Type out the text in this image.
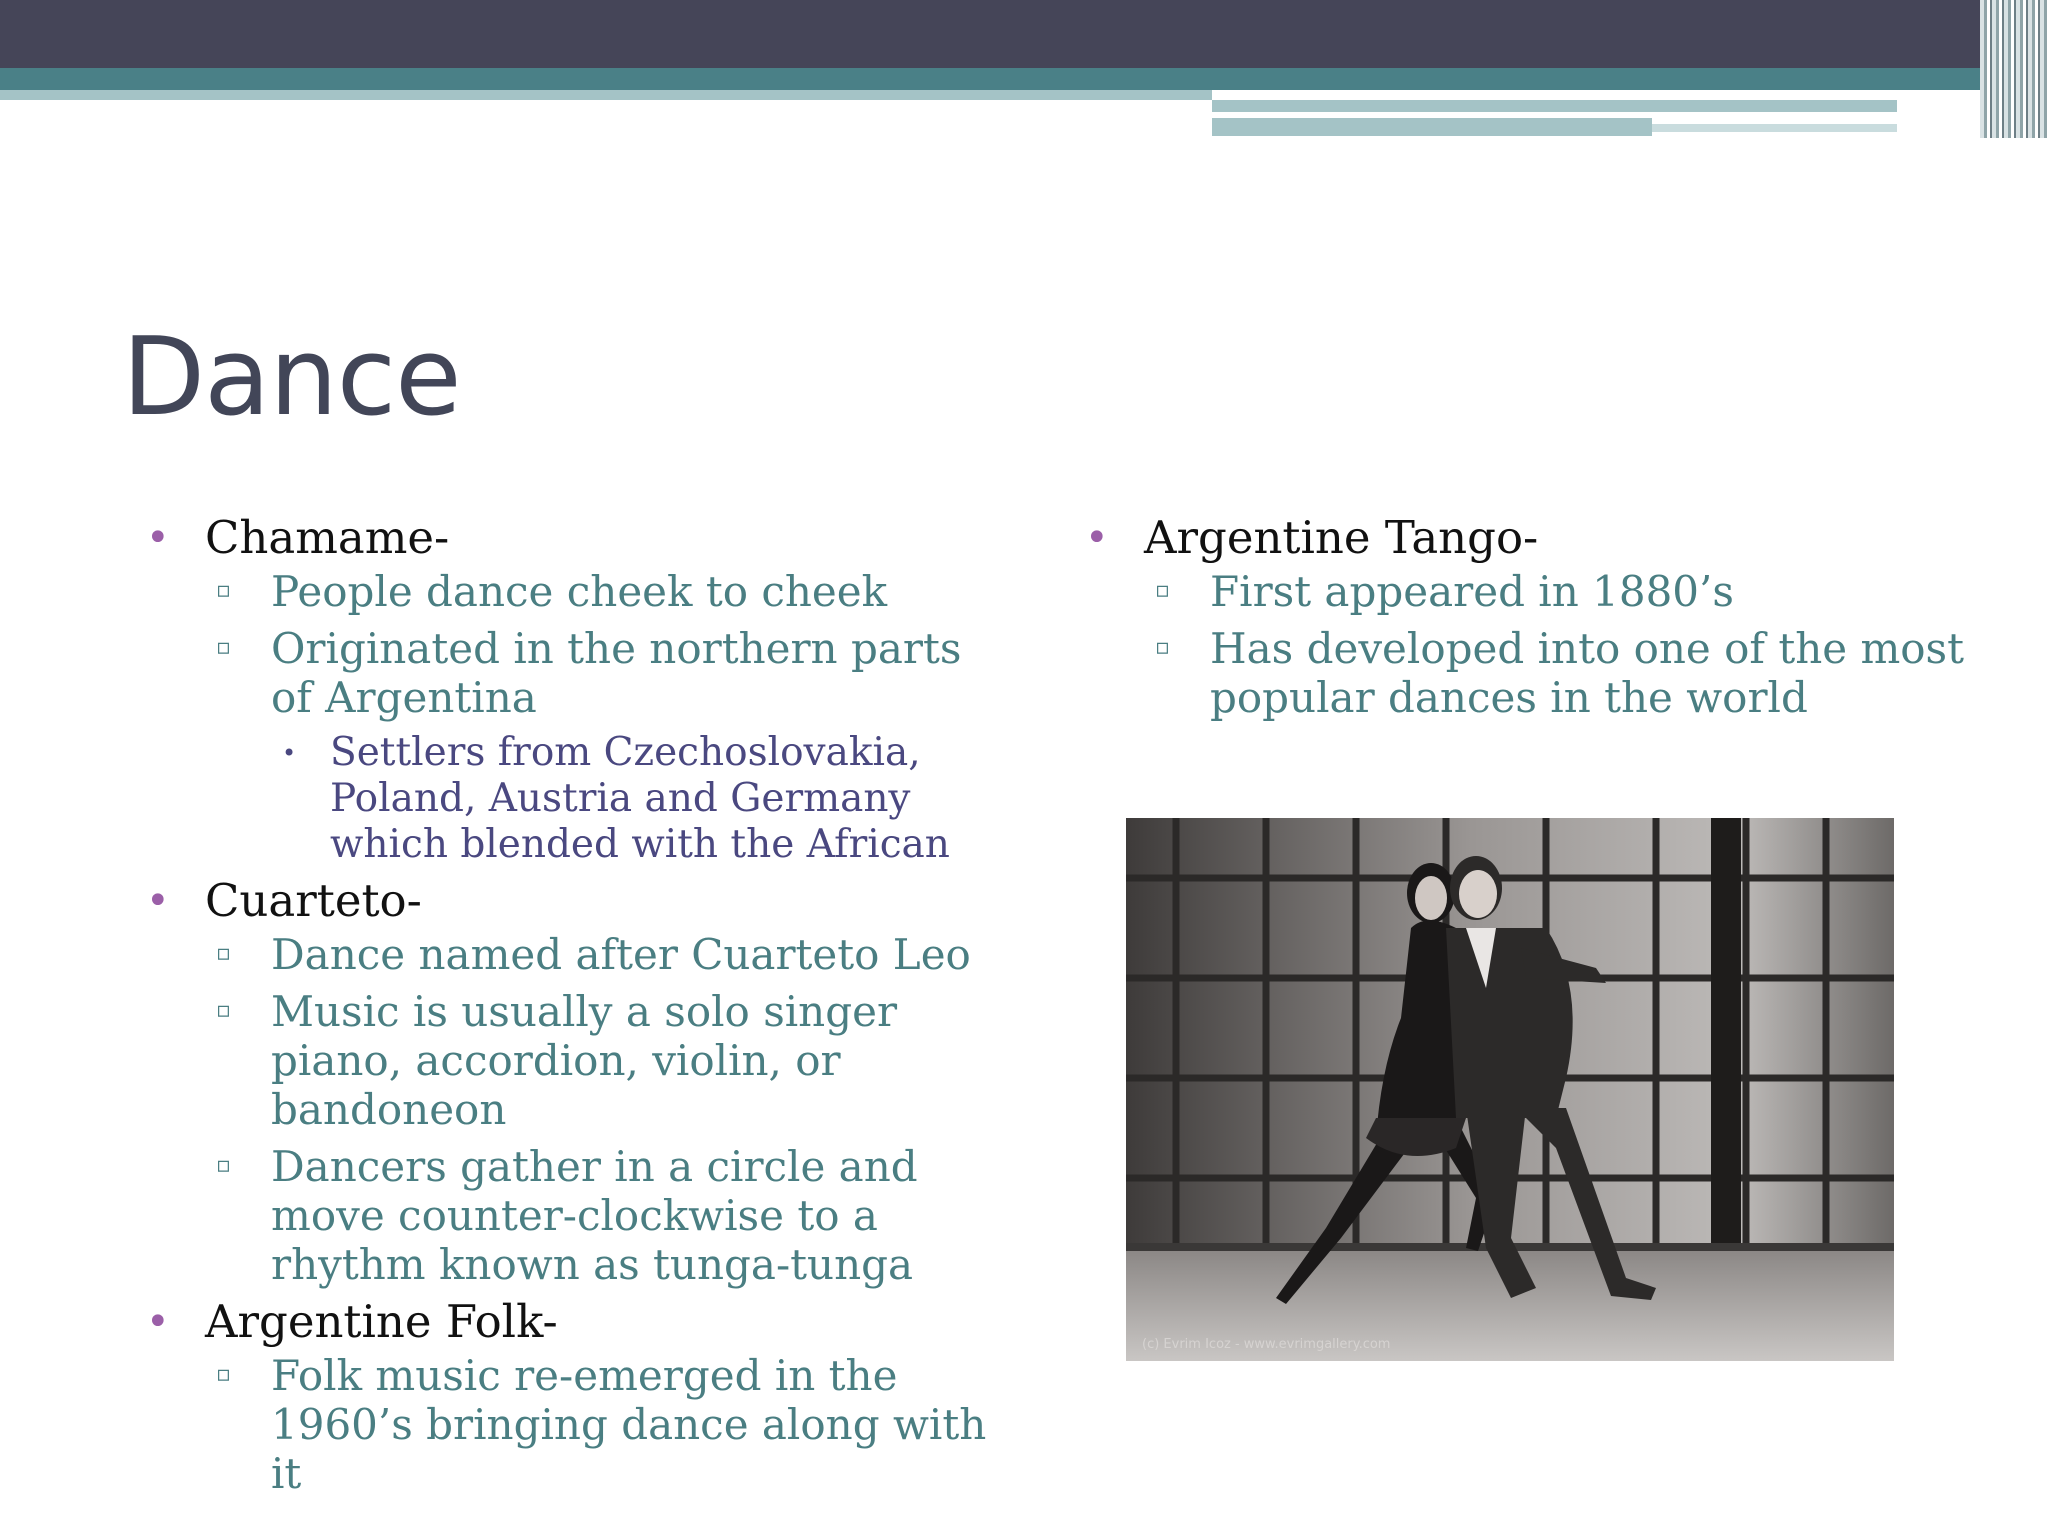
Dance
• Chamame-
▫ People dance cheek to cheek
▫ Originated in the northern parts of Argentina
• Settlers from Czechoslovakia, Poland, Austria and Germany which blended with the African
• Cuarteto-
▫ Dance named after Cuarteto Leo
▫ Music is usually a solo singer piano, accordion, violin, or bandoneon
▫ Dancers gather in a circle and move counter-clockwise to a rhythm known as tunga-tunga
• Argentine Folk-
▫ Folk music re-emerged in the 1960’s bringing dance along with it
• Argentine Tango-
▫ First appeared in 1880’s
▫ Has developed into one of the most popular dances in the world
(c) Evrim Icoz - www.evrimgallery.com
